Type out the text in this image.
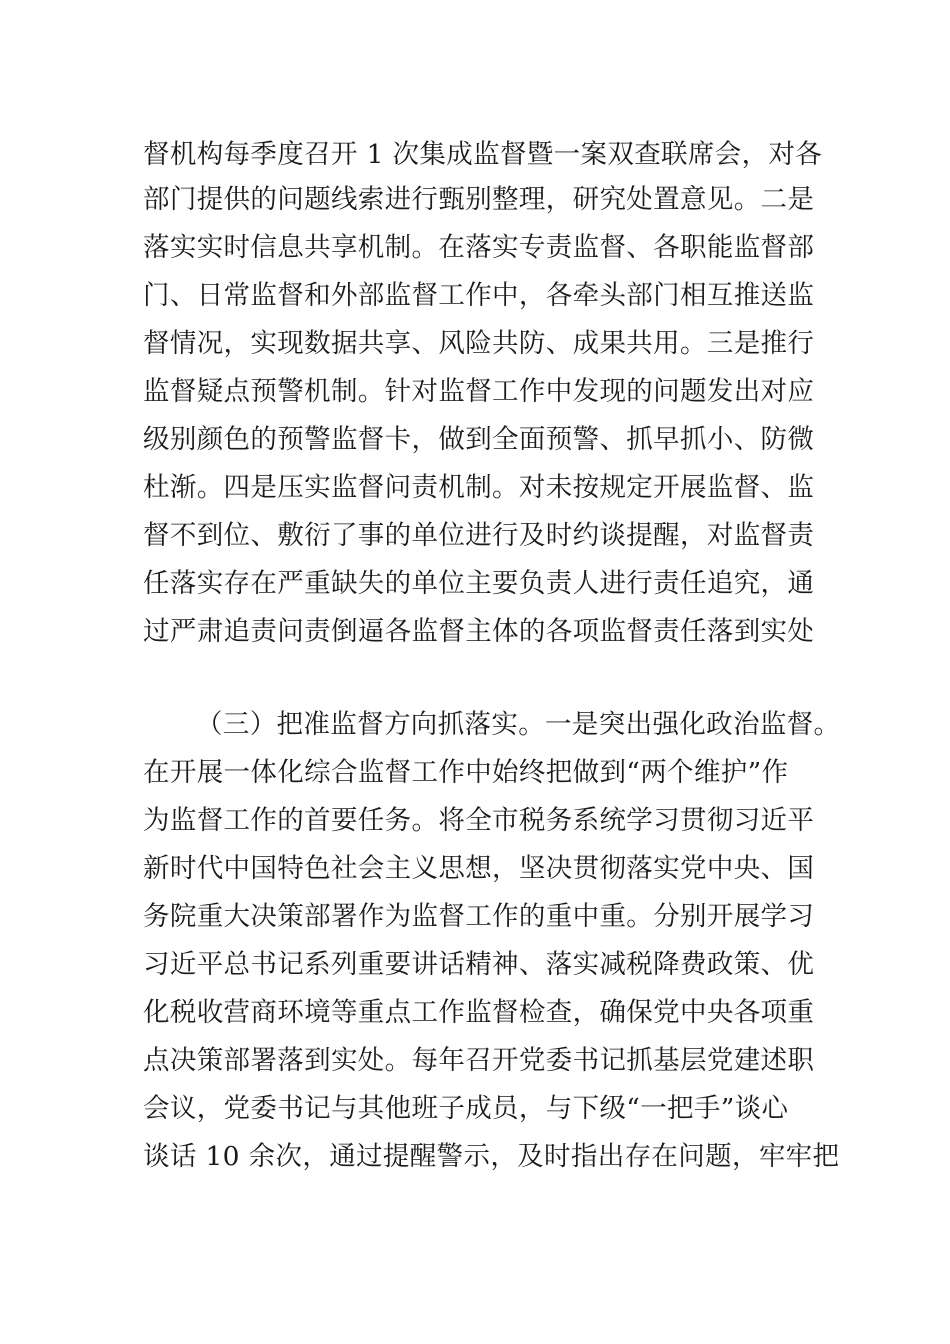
督机构每季度召开 1 次集成监督暨一案双查联席会，对各
部门提供的问题线索进行甄别整理，研究处置意见。二是
落实实时信息共享机制。在落实专责监督、各职能监督部
门、日常监督和外部监督工作中，各牵头部门相互推送监
督情况，实现数据共享、风险共防、成果共用。三是推行
监督疑点预警机制。针对监督工作中发现的问题发出对应
级别颜色的预警监督卡，做到全面预警、抓早抓小、防微
杜渐。四是压实监督问责机制。对未按规定开展监督、监
督不到位、敷衍了事的单位进行及时约谈提醒，对监督责
任落实存在严重缺失的单位主要负责人进行责任追究，通
过严肃追责问责倒逼各监督主体的各项监督责任落到实处
（三）把准监督方向抓落实。一是突出强化政治监督。
在开展一体化综合监督工作中始终把做到“两个维护”作
为监督工作的首要任务。将全市税务系统学习贯彻习近平
新时代中国特色社会主义思想，坚决贯彻落实党中央、国
务院重大决策部署作为监督工作的重中重。分别开展学习
习近平总书记系列重要讲话精神、落实减税降费政策、优
化税收营商环境等重点工作监督检查，确保党中央各项重
点决策部署落到实处。每年召开党委书记抓基层党建述职
会议，党委书记与其他班子成员，与下级“一把手”谈心
谈话 10 余次，通过提醒警示，及时指出存在问题，牢牢把
